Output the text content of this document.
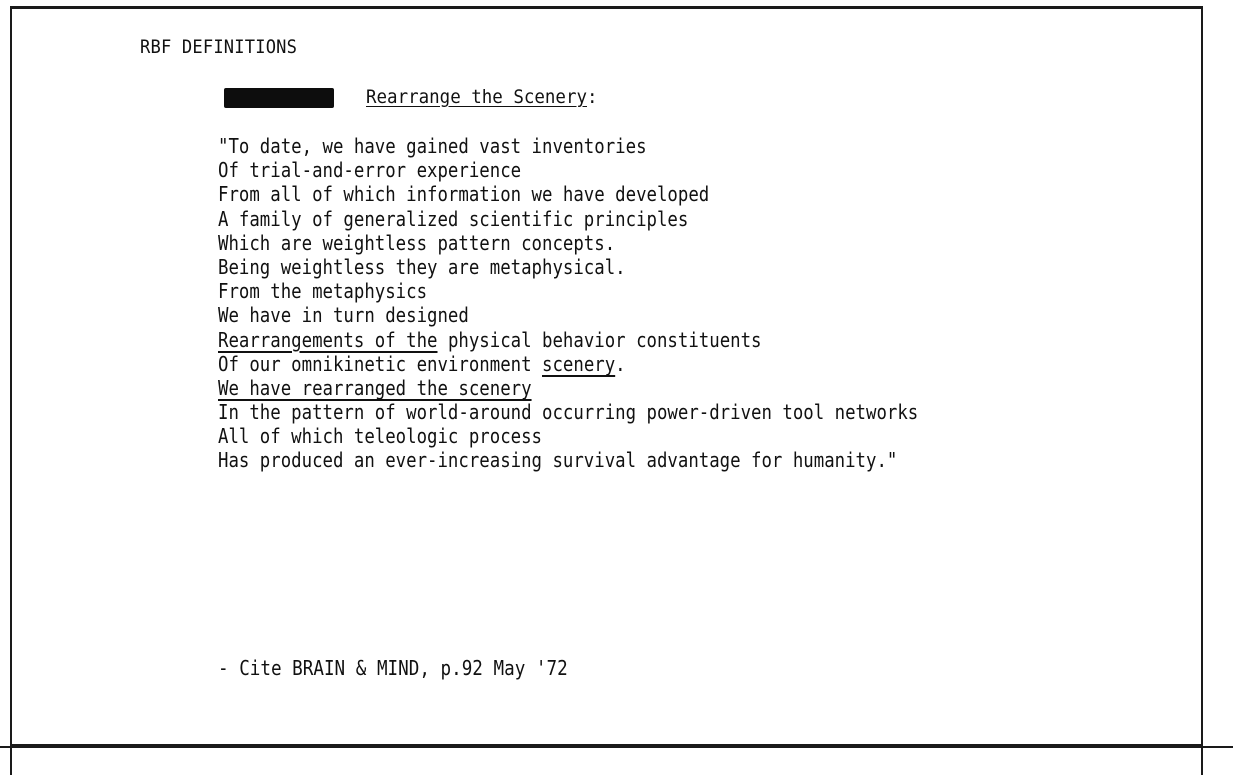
RBF DEFINITIONS
Rearrange the Scenery:
"To date, we have gained vast inventories
Of trial-and-error experience
From all of which information we have developed
A family of generalized scientific principles
Which are weightless pattern concepts.
Being weightless they are metaphysical.
From the metaphysics
We have in turn designed
Rearrangements of the physical behavior constituents
Of our omnikinetic environment scenery.
We have rearranged the scenery
In the pattern of world-around occurring power-driven tool networks
All of which teleologic process
Has produced an ever-increasing survival advantage for humanity."
- Cite BRAIN & MIND, p.92 May '72
